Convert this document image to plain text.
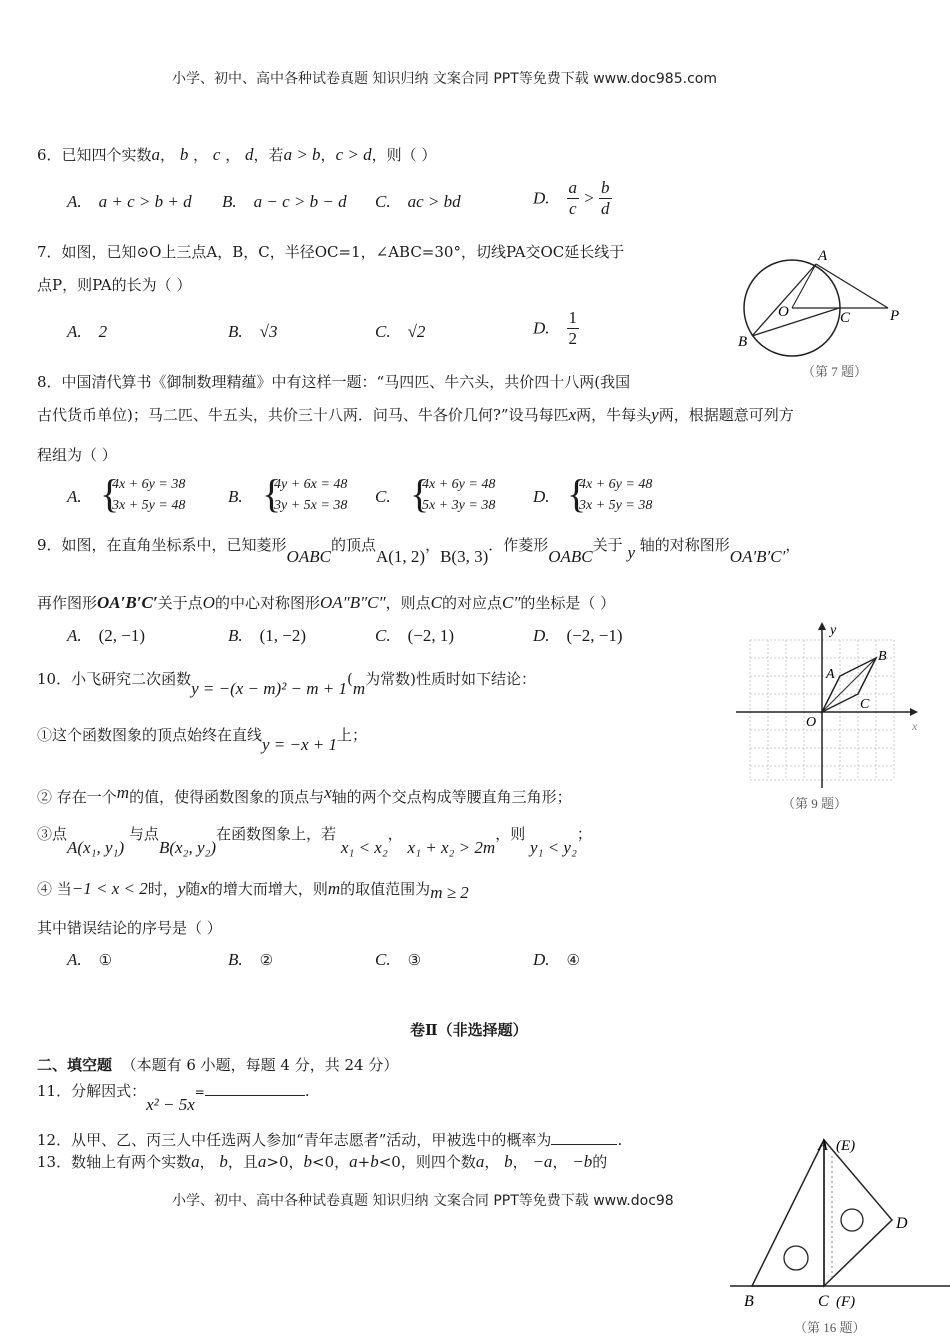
小学、初中、高中各种试卷真题 知识归纳 文案合同 PPT等免费下载 www.doc985.com
6．已知四个实数a， b ， c ， d，若a > b，c > d，则（ ）
A. a + c > b + d B. a − c > b − d C. ac > bd	D. $\frac{a}{c} > \frac{b}{d}$
7．如图，已知⊙O上三点A，B，C，半径OC=1，∠ABC=30°，切线PA交OC延长线于
点P，则PA的长为（ ）
A. 2	B. √3	C. √2	D. $\frac{1}{2}$
A
O	C	P
B
（第 7 题）
8．中国清代算书《御制数理精蕴》中有这样一题：“马四匹、牛六头，共价四十八两(我国
古代货币单位)；马二匹、牛五头，共价三十八两．问马、牛各价几何?”设马每匹x两，牛每头y两，根据题意可列方
程组为（ ）
A. {
4x + 6y = 38
3x + 5y = 48	B. {
4y + 6x = 48
3y + 5x = 38 C. {
4x + 6y = 48
5x + 3y = 38 D. {
4x + 6y = 48
3x + 5y = 38
9．如图，在直角坐标系中，已知菱形OABC的顶点A(1, 2)，B(3, 3)．作菱形OABC关于 y 轴的对称图形OA′B′C′，
再作图形OA′B′C′关于点O的中心对称图形OA″B″C″，则点C的对应点C″的坐标是（ ）
A. (2, −1)	B. (1, −2)	C. (−2, 1)	D. (−2, −1)	y
B
A
C
O	x
（第 9 题）
10．小飞研究二次函数y = −(x − m)² − m + 1(m为常数)性质时如下结论：
①这个函数图象的顶点始终在直线y = −x + 1上；
② 存在一个m的值，使得函数图象的顶点与x轴的两个交点构成等腰直角三角形；
③点A(x₁, y₁) 与点B(x₂, y₂)在函数图象上，若 x₁ < x₂， x₁ + x₂ > 2m，则 y₁ < y₂；
④ 当−1 < x < 2时，y随x的增大而增大，则m的取值范围为m ≥ 2
其中错误结论的序号是（ ）
A. ①	B. ②	C. ③	D. ④
卷Ⅱ（非选择题）
二、填空题 （本题有 6 小题，每题 4 分，共 24 分）
11．分解因式：x² − 5x=	.
12．从甲、乙、丙三人中任选两人参加“青年志愿者”活动，甲被选中的概率为	.
13．数轴上有两个实数a， b，且a>0，b<0，a+b<0，则四个数a， b， −a， −b的
小学、初中、高中各种试卷真题 知识归纳 文案合同 PPT等免费下载 www.doc98
A (E)
D
B	C (F)
（第 16 题）
